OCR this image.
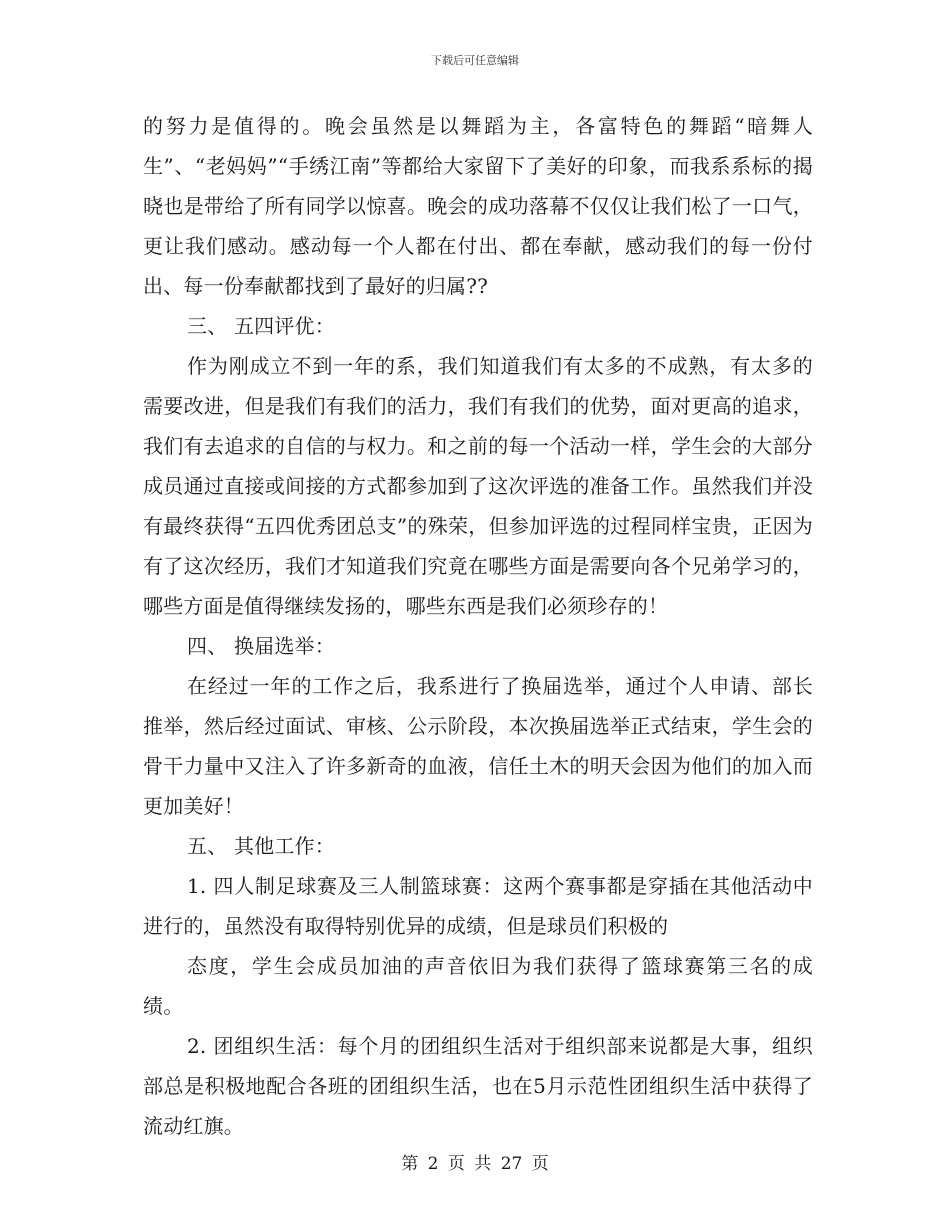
下载后可任意编辑

的努力是值得的。晚会虽然是以舞蹈为主，各富特色的舞蹈“暗舞人生”、“老妈妈”“手绣江南”等都给大家留下了美好的印象，而我系系标的揭晓也是带给了所有同学以惊喜。晚会的成功落幕不仅仅让我们松了一口气，更让我们感动。感动每一个人都在付出、都在奉献，感动我们的每一份付出、每一份奉献都找到了最好的归属??

三、 五四评优：

作为刚成立不到一年的系，我们知道我们有太多的不成熟，有太多的需要改进，但是我们有我们的活力，我们有我们的优势，面对更高的追求，我们有去追求的自信的与权力。和之前的每一个活动一样，学生会的大部分成员通过直接或间接的方式都参加到了这次评选的准备工作。虽然我们并没有最终获得“五四优秀团总支”的殊荣，但参加评选的过程同样宝贵，正因为有了这次经历，我们才知道我们究竟在哪些方面是需要向各个兄弟学习的，哪些方面是值得继续发扬的，哪些东西是我们必须珍存的！

四、 换届选举：

在经过一年的工作之后，我系进行了换届选举，通过个人申请、部长推举，然后经过面试、审核、公示阶段，本次换届选举正式结束，学生会的骨干力量中又注入了许多新奇的血液，信任土木的明天会因为他们的加入而更加美好！

五、 其他工作：

1. 四人制足球赛及三人制篮球赛：这两个赛事都是穿插在其他活动中进行的，虽然没有取得特别优异的成绩，但是球员们积极的

态度，学生会成员加油的声音依旧为我们获得了篮球赛第三名的成绩。

2. 团组织生活：每个月的团组织生活对于组织部来说都是大事，组织部总是积极地配合各班的团组织生活，也在5月示范性团组织生活中获得了流动红旗。

第 2 页 共 27 页
